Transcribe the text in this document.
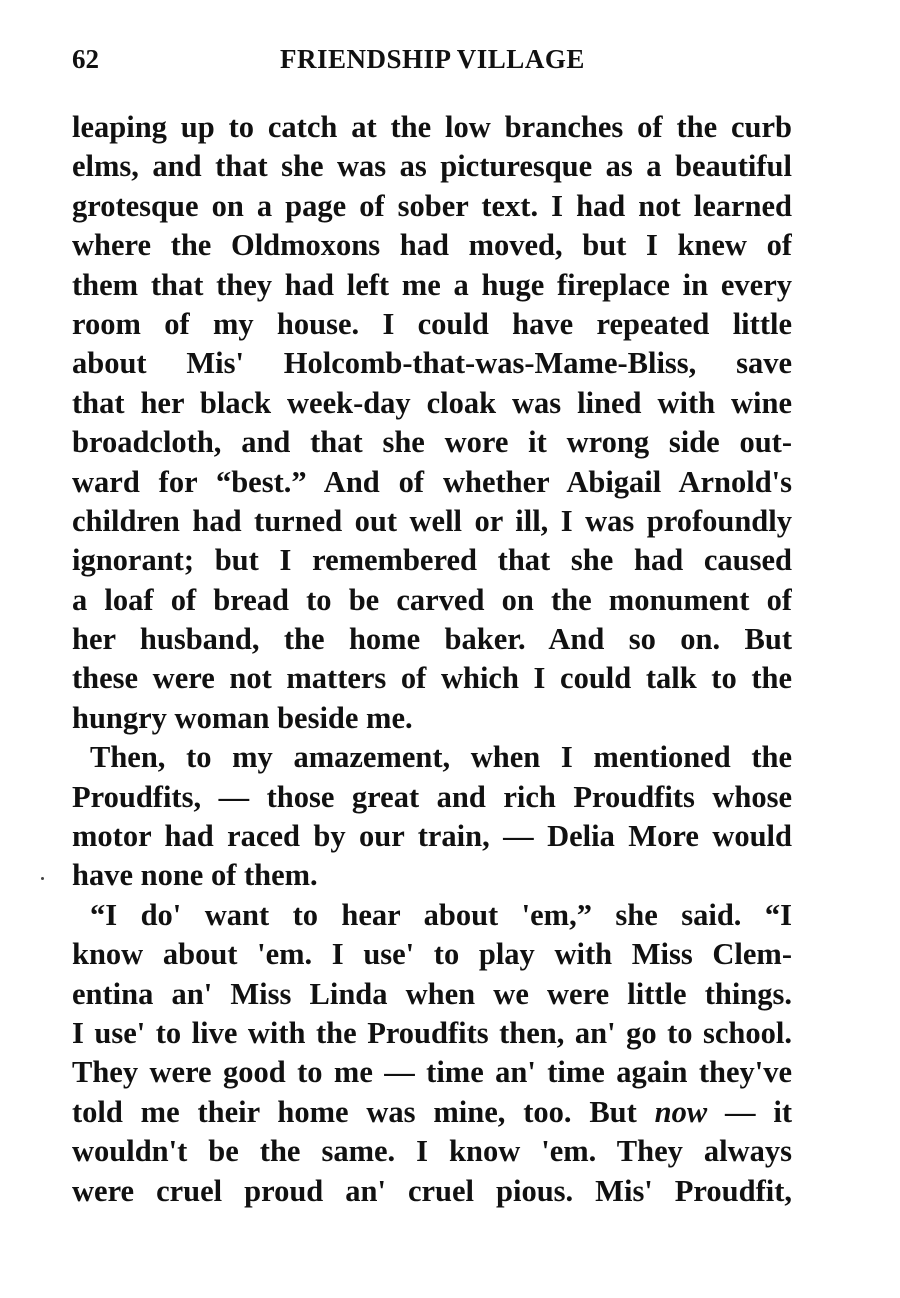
62	FRIENDSHIP VILLAGE
leaping up to catch at the low branches of the curb
elms, and that she was as picturesque as a beautiful
grotesque on a page of sober text. I had not learned
where the Oldmoxons had moved, but I knew of
them that they had left me a huge fireplace in every
room of my house. I could have repeated little
about Mis' Holcomb-that-was-Mame-Bliss, save
that her black week-day cloak was lined with wine
broadcloth, and that she wore it wrong side out-
ward for “best.” And of whether Abigail Arnold's
children had turned out well or ill, I was profoundly
ignorant; but I remembered that she had caused
a loaf of bread to be carved on the monument of
her husband, the home baker. And so on. But
these were not matters of which I could talk to the
hungry woman beside me.
Then, to my amazement, when I mentioned the
Proudfits, — those great and rich Proudfits whose
motor had raced by our train, — Delia More would
have none of them.
“I do' want to hear about 'em,” she said. “I
know about 'em. I use' to play with Miss Clem-
entina an' Miss Linda when we were little things.
I use' to live with the Proudfits then, an' go to school.
They were good to me — time an' time again they've
told me their home was mine, too. But now — it
wouldn't be the same. I know 'em. They always
were cruel proud an' cruel pious. Mis' Proudfit,
